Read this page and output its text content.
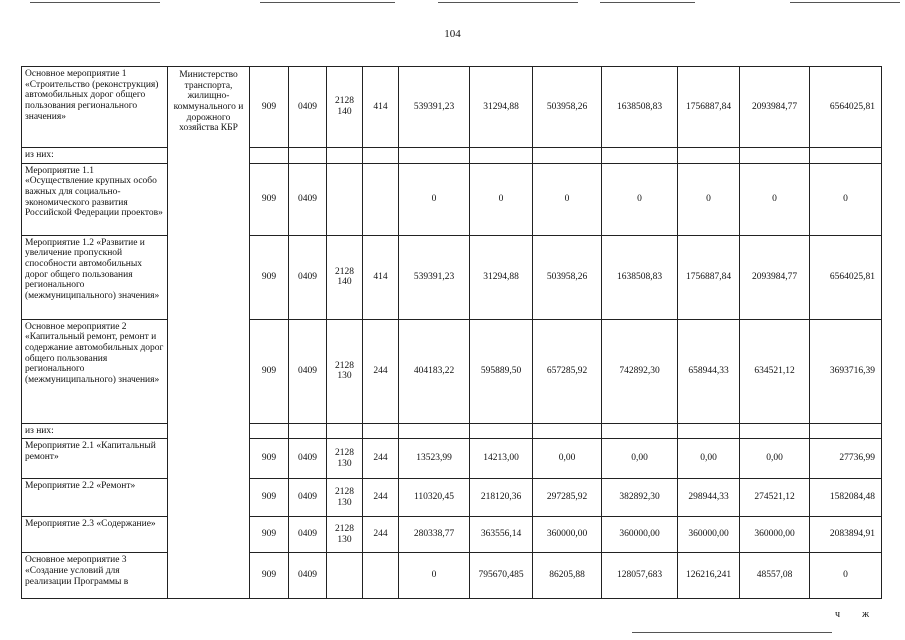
104
Основное мероприятие 1 «Строительство (реконструкция) автомобильных дорог общего пользования регионального значения»	Министерство транспорта, жилищно-коммунального и дорожного хозяйства КБР	909	0409	2128 140	414	539391,23	31294,88	503958,26	1638508,83	1756887,84	2093984,77	6564025,81
из них:												
Мероприятие 1.1 «Осуществление крупных особо важных для социально-экономического развития Российской Федерации проектов»		909	0409			0	0	0	0	0	0	0
Мероприятие 1.2 «Развитие и увеличение пропускной способности автомобильных дорог общего пользования регионального (межмуниципального) значения»		909	0409	2128 140	414	539391,23	31294,88	503958,26	1638508,83	1756887,84	2093984,77	6564025,81
Основное мероприятие 2 «Капитальный ремонт, ремонт и содержание автомобильных дорог общего пользования регионального (межмуниципального) значения»		909	0409	2128 130	244	404183,22	595889,50	657285,92	742892,30	658944,33	634521,12	3693716,39
из них:												
Мероприятие 2.1 «Капитальный ремонт»		909	0409	2128 130	244	13523,99	14213,00	0,00	0,00	0,00	0,00	27736,99
Мероприятие 2.2 «Ремонт»		909	0409	2128 130	244	110320,45	218120,36	297285,92	382892,30	298944,33	274521,12	1582084,48
Мероприятие 2.3 «Содержание»		909	0409	2128 130	244	280338,77	363556,14	360000,00	360000,00	360000,00	360000,00	2083894,91
Основное мероприятие 3 «Создание условий для реализации Программы в		909	0409			0	795670,485	86205,88	128057,683	126216,241	48557,08	0
чж
